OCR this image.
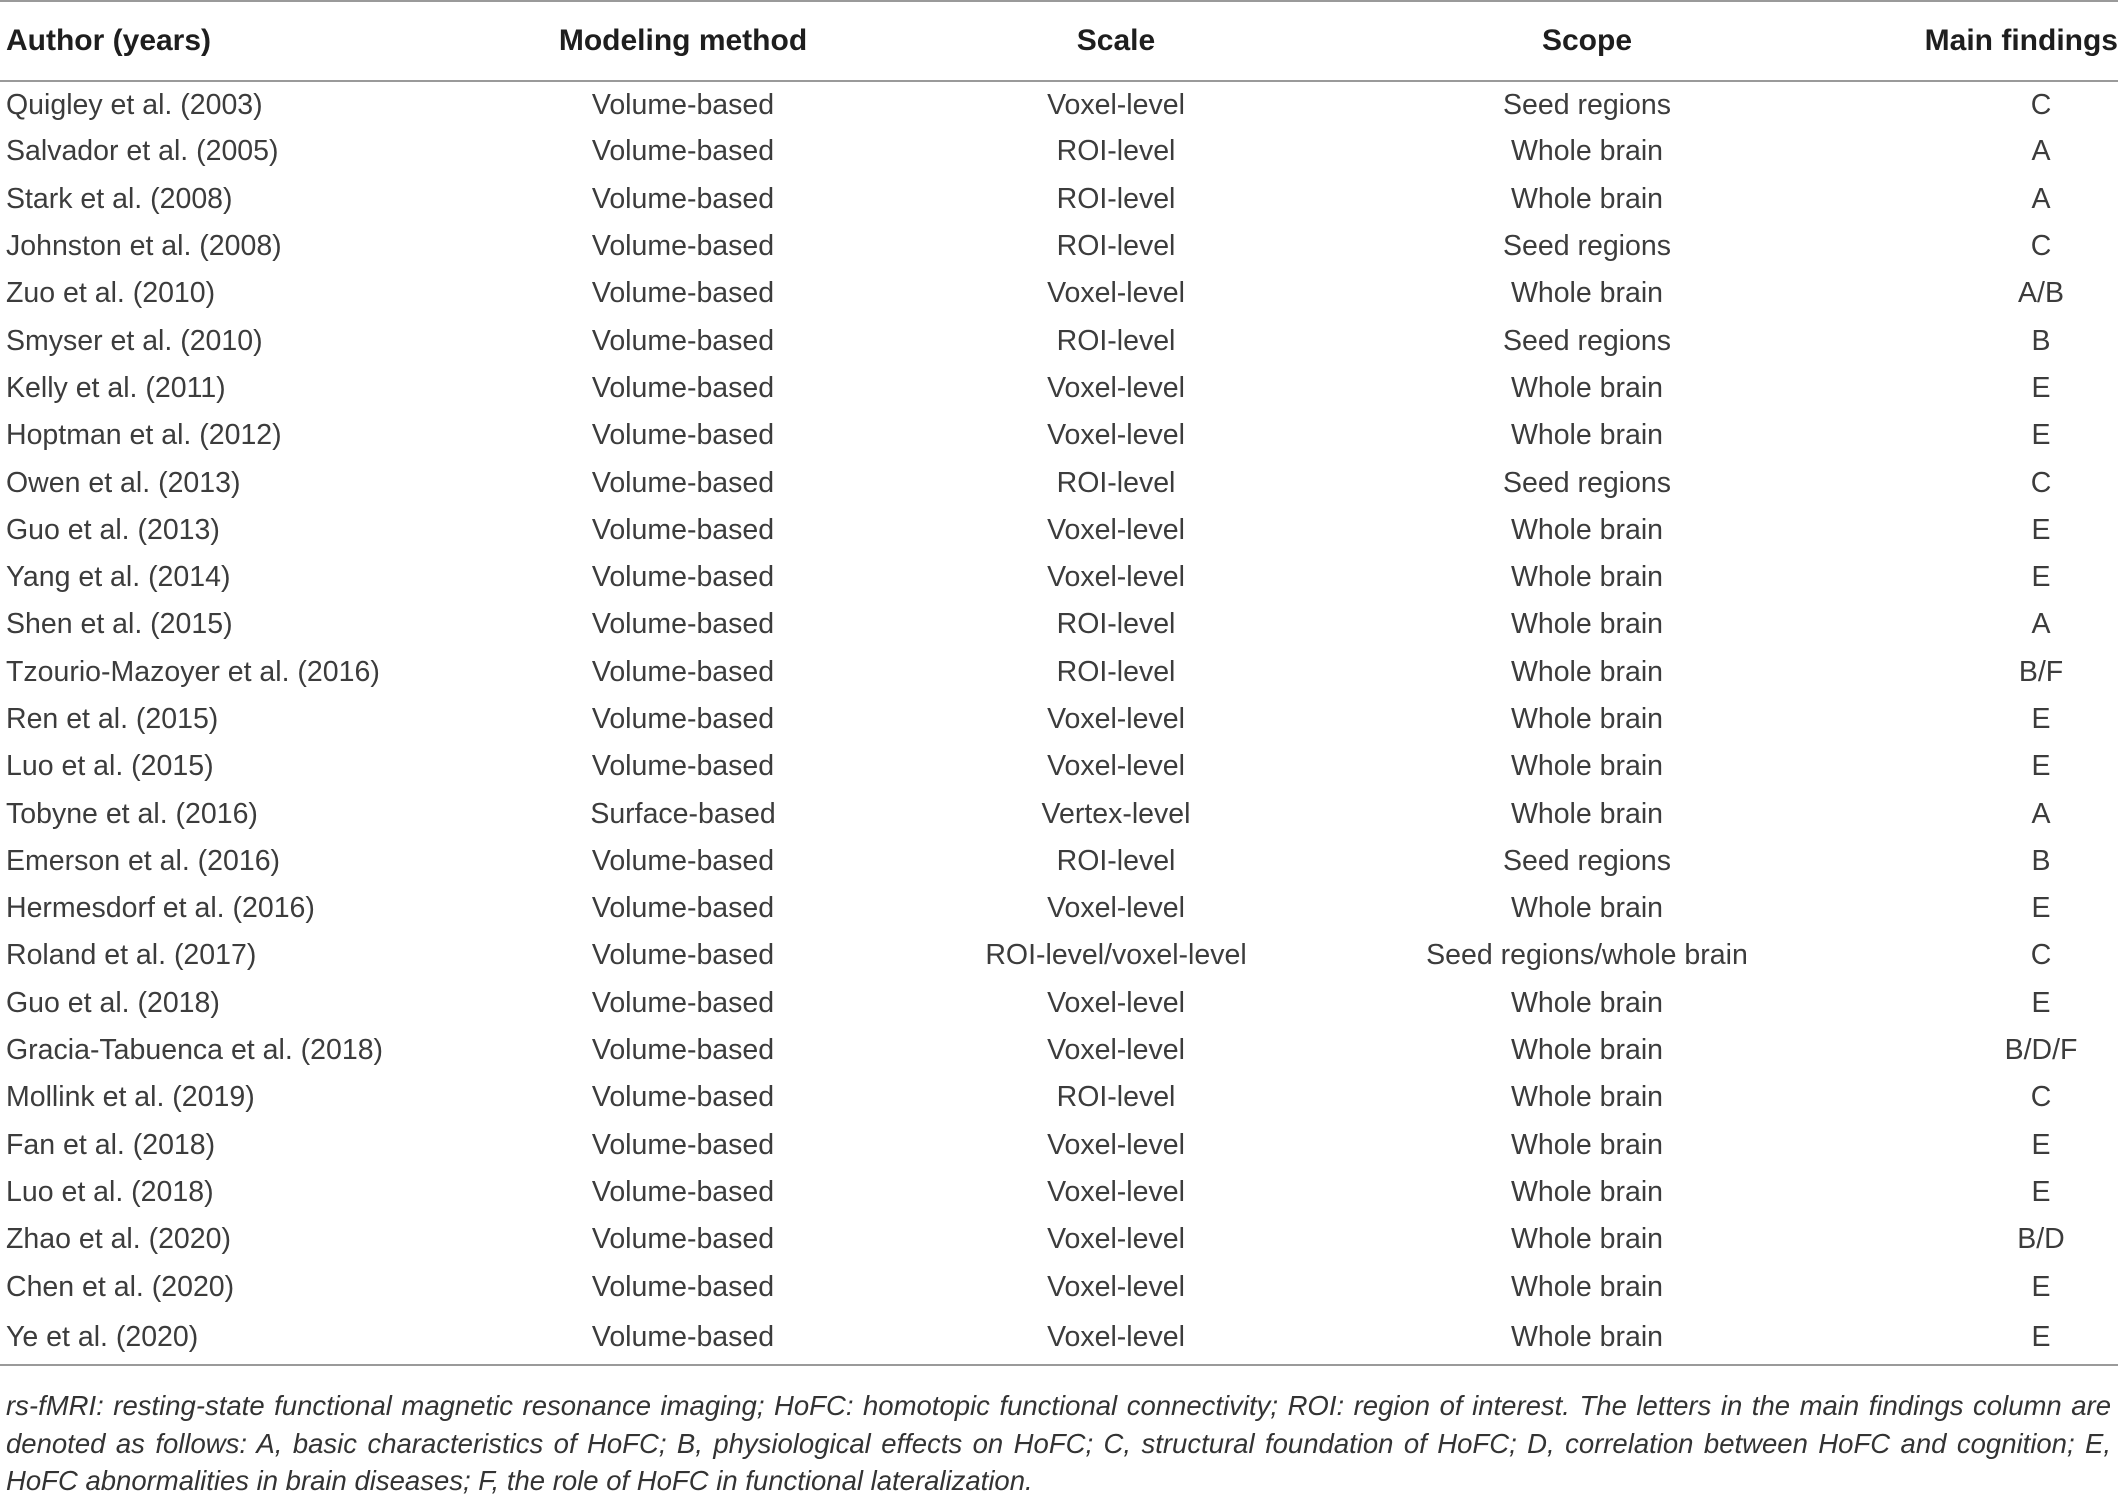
Author (years)	Modeling method	Scale	Scope	Main findings
Quigley et al. (2003)	Volume-based	Voxel-level	Seed regions	C
Salvador et al. (2005)	Volume-based	ROI-level	Whole brain	A
Stark et al. (2008)	Volume-based	ROI-level	Whole brain	A
Johnston et al. (2008)	Volume-based	ROI-level	Seed regions	C
Zuo et al. (2010)	Volume-based	Voxel-level	Whole brain	A/B
Smyser et al. (2010)	Volume-based	ROI-level	Seed regions	B
Kelly et al. (2011)	Volume-based	Voxel-level	Whole brain	E
Hoptman et al. (2012)	Volume-based	Voxel-level	Whole brain	E
Owen et al. (2013)	Volume-based	ROI-level	Seed regions	C
Guo et al. (2013)	Volume-based	Voxel-level	Whole brain	E
Yang et al. (2014)	Volume-based	Voxel-level	Whole brain	E
Shen et al. (2015)	Volume-based	ROI-level	Whole brain	A
Tzourio-Mazoyer et al. (2016)	Volume-based	ROI-level	Whole brain	B/F
Ren et al. (2015)	Volume-based	Voxel-level	Whole brain	E
Luo et al. (2015)	Volume-based	Voxel-level	Whole brain	E
Tobyne et al. (2016)	Surface-based	Vertex-level	Whole brain	A
Emerson et al. (2016)	Volume-based	ROI-level	Seed regions	B
Hermesdorf et al. (2016)	Volume-based	Voxel-level	Whole brain	E
Roland et al. (2017)	Volume-based	ROI-level/voxel-level	Seed regions/whole brain	C
Guo et al. (2018)	Volume-based	Voxel-level	Whole brain	E
Gracia-Tabuenca et al. (2018)	Volume-based	Voxel-level	Whole brain	B/D/F
Mollink et al. (2019)	Volume-based	ROI-level	Whole brain	C
Fan et al. (2018)	Volume-based	Voxel-level	Whole brain	E
Luo et al. (2018)	Volume-based	Voxel-level	Whole brain	E
Zhao et al. (2020)	Volume-based	Voxel-level	Whole brain	B/D
Chen et al. (2020)	Volume-based	Voxel-level	Whole brain	E
Ye et al. (2020)	Volume-based	Voxel-level	Whole brain	E
rs-fMRI: resting-state functional magnetic resonance imaging; HoFC: homotopic functional connectivity; ROI: region of interest. The letters in the main findings column are denoted as follows: A, basic characteristics of HoFC; B, physiological effects on HoFC; C, structural foundation of HoFC; D, correlation between HoFC and cognition; E, HoFC abnormalities in brain diseases; F, the role of HoFC in functional lateralization.
